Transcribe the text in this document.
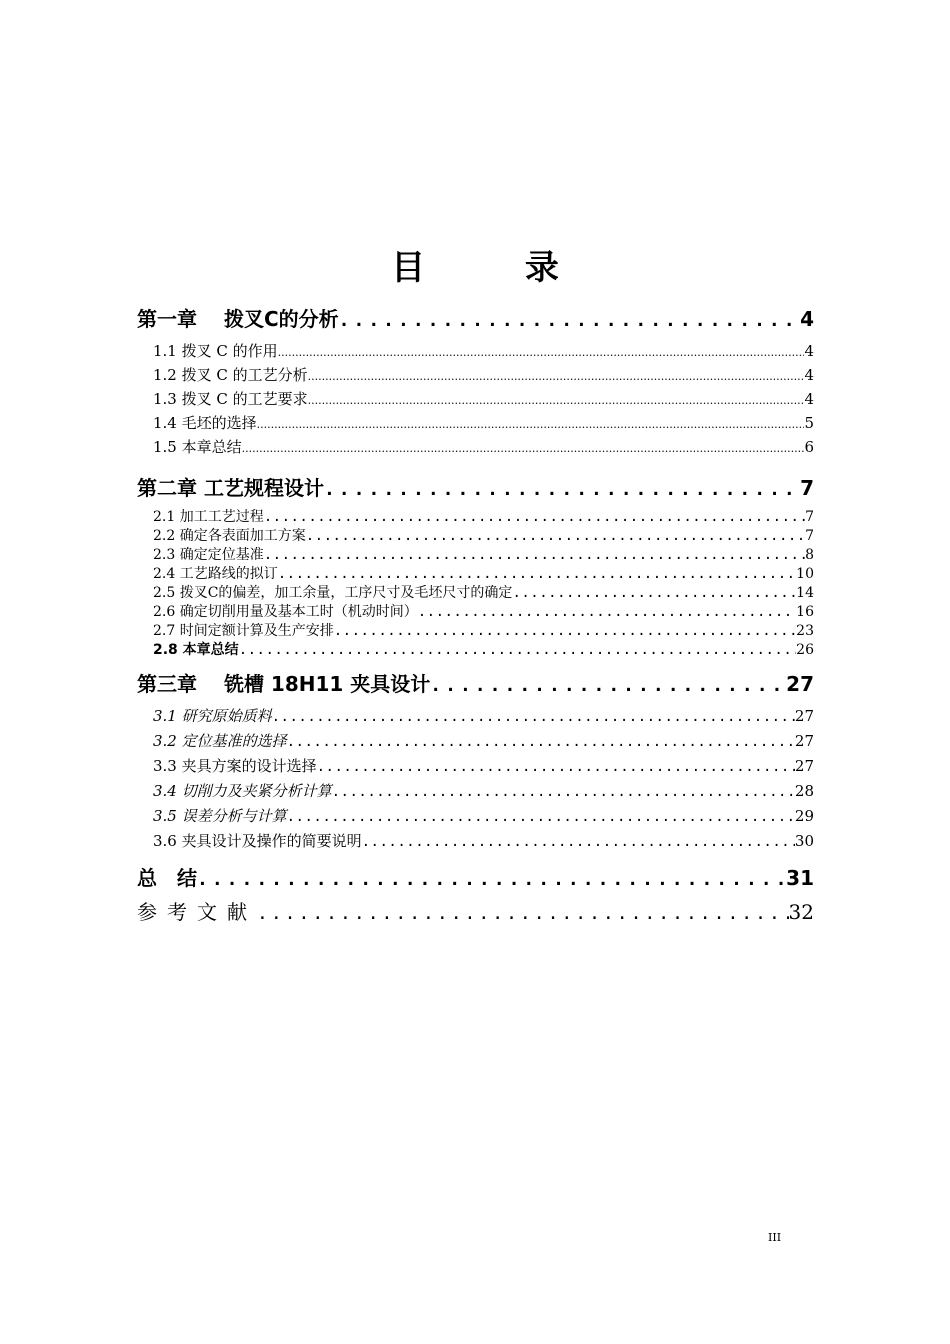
目 录
第一章　 拨叉C的分析 .....	4
1.1 拨叉 C 的作用 .....	4
1.2 拨叉 C 的工艺分析 .....	4
1.3 拨叉 C 的工艺要求 .....	4
1.4 毛坯的选择 .....	5
1.5 本章总结 .....	6
第二章 工艺规程设计 .....	7
2.1 加工工艺过程 .....	7
2.2 确定各表面加工方案 .....	7
2.3 确定定位基准 .....	8
2.4 工艺路线的拟订 .....	10
2.5 拨叉C的偏差，加工余量，工序尺寸及毛坯尺寸的确定 .....	14
2.6 确定切削用量及基本工时（机动时间） .....	16
2.7 时间定额计算及生产安排 .....	23
2.8 本章总结 .....	26
第三章　 铣槽 18H11 夹具设计 .....	27
3.1 研究原始质料 .....	27
3.2 定位基准的选择 .....	27
3.3 夹具方案的设计选择 .....	27
3.4 切削力及夹紧分析计算 .....	28
3.5 误差分析与计算 .....	29
3.6 夹具设计及操作的简要说明 .....	30
总　结 .....	31
参考文献 .....	32
III
